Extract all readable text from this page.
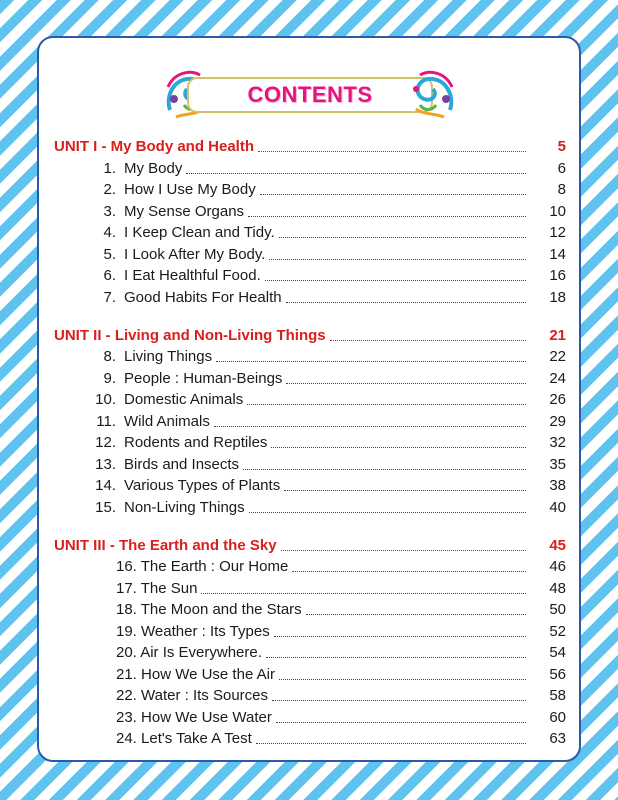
CONTENTS
UNIT I - My Body and Health	5
1. My Body	6
2. How I Use My Body	8
3. My Sense Organs	10
4. I Keep Clean and Tidy.	12
5. I Look After My Body.	14
6. I Eat Healthful Food.	16
7. Good Habits For Health	18
UNIT II - Living and Non-Living Things	21
8. Living Things	22
9. People : Human-Beings	24
10. Domestic Animals	26
11. Wild Animals	29
12. Rodents and Reptiles	32
13. Birds and Insects	35
14. Various Types of Plants	38
15. Non-Living Things	40
UNIT III - The Earth and the Sky	45
16. The Earth : Our Home	46
17. The Sun	48
18. The Moon and the Stars	50
19. Weather : Its Types	52
20. Air Is Everywhere.	54
21. How We Use the Air	56
22. Water : Its Sources	58
23. How We Use Water	60
24. Let's Take A Test	63
